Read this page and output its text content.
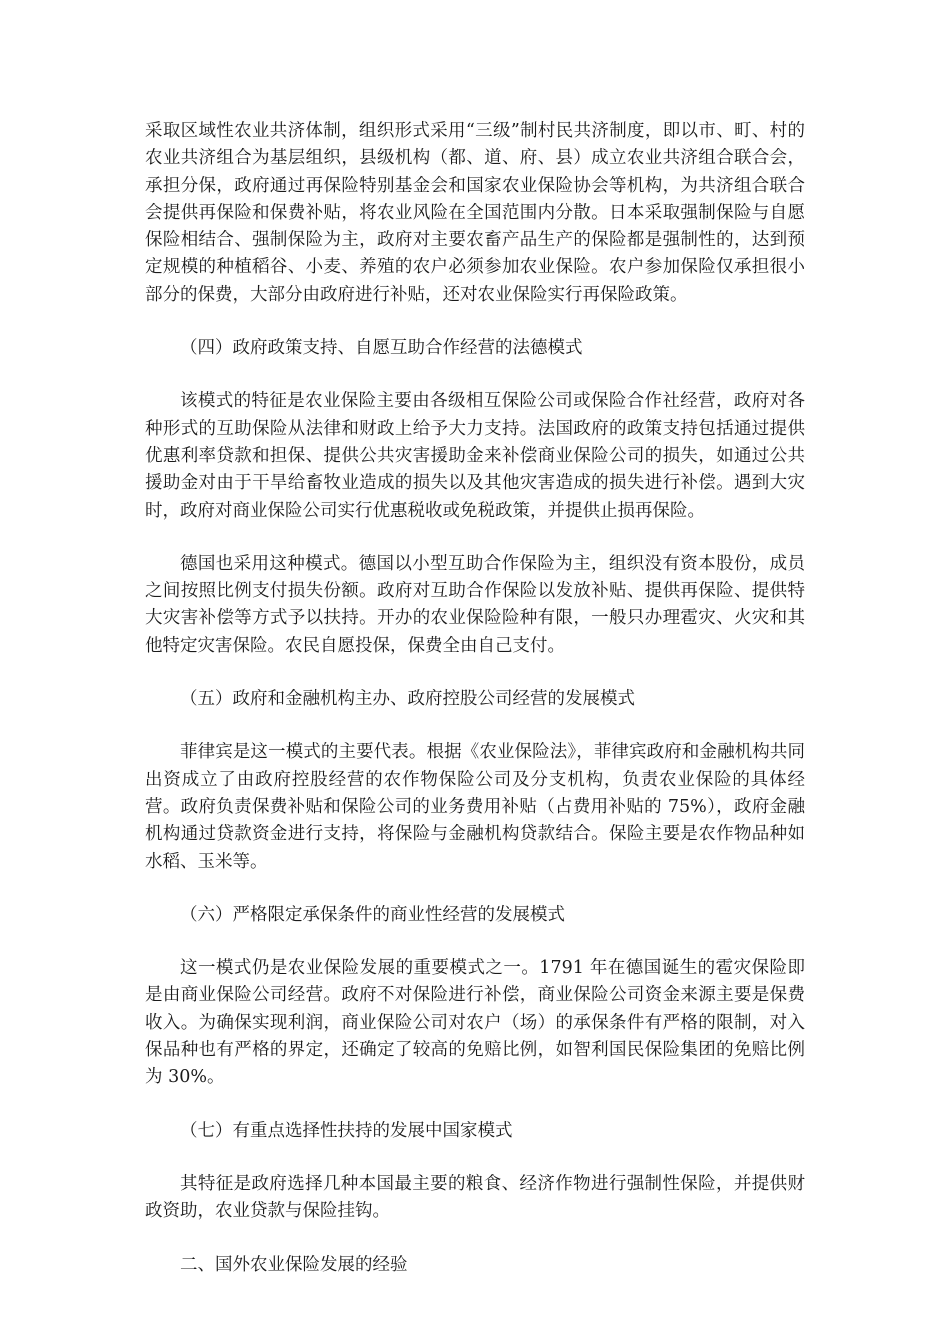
采取区域性农业共济体制，组织形式采用“三级”制村民共济制度，即以市、町、村的农业共济组合为基层组织，县级机构（都、道、府、县）成立农业共济组合联合会，承担分保，政府通过再保险特别基金会和国家农业保险协会等机构，为共济组合联合会提供再保险和保费补贴，将农业风险在全国范围内分散。日本采取强制保险与自愿保险相结合、强制保险为主，政府对主要农畜产品生产的保险都是强制性的，达到预定规模的种植稻谷、小麦、养殖的农户必须参加农业保险。农户参加保险仅承担很小部分的保费，大部分由政府进行补贴，还对农业保险实行再保险政策。

（四）政府政策支持、自愿互助合作经营的法德模式

该模式的特征是农业保险主要由各级相互保险公司或保险合作社经营，政府对各种形式的互助保险从法律和财政上给予大力支持。法国政府的政策支持包括通过提供优惠利率贷款和担保、提供公共灾害援助金来补偿商业保险公司的损失，如通过公共援助金对由于干旱给畜牧业造成的损失以及其他灾害造成的损失进行补偿。遇到大灾时，政府对商业保险公司实行优惠税收或免税政策，并提供止损再保险。

德国也采用这种模式。德国以小型互助合作保险为主，组织没有资本股份，成员之间按照比例支付损失份额。政府对互助合作保险以发放补贴、提供再保险、提供特大灾害补偿等方式予以扶持。开办的农业保险险种有限，一般只办理雹灾、火灾和其他特定灾害保险。农民自愿投保，保费全由自己支付。

（五）政府和金融机构主办、政府控股公司经营的发展模式

菲律宾是这一模式的主要代表。根据《农业保险法》，菲律宾政府和金融机构共同出资成立了由政府控股经营的农作物保险公司及分支机构，负责农业保险的具体经营。政府负责保费补贴和保险公司的业务费用补贴（占费用补贴的 75%），政府金融机构通过贷款资金进行支持，将保险与金融机构贷款结合。保险主要是农作物品种如水稻、玉米等。

（六）严格限定承保条件的商业性经营的发展模式

这一模式仍是农业保险发展的重要模式之一。1791 年在德国诞生的雹灾保险即是由商业保险公司经营。政府不对保险进行补偿，商业保险公司资金来源主要是保费收入。为确保实现利润，商业保险公司对农户（场）的承保条件有严格的限制，对入保品种也有严格的界定，还确定了较高的免赔比例，如智利国民保险集团的免赔比例为 30%。

（七）有重点选择性扶持的发展中国家模式

其特征是政府选择几种本国最主要的粮食、经济作物进行强制性保险，并提供财政资助，农业贷款与保险挂钩。

二、国外农业保险发展的经验
